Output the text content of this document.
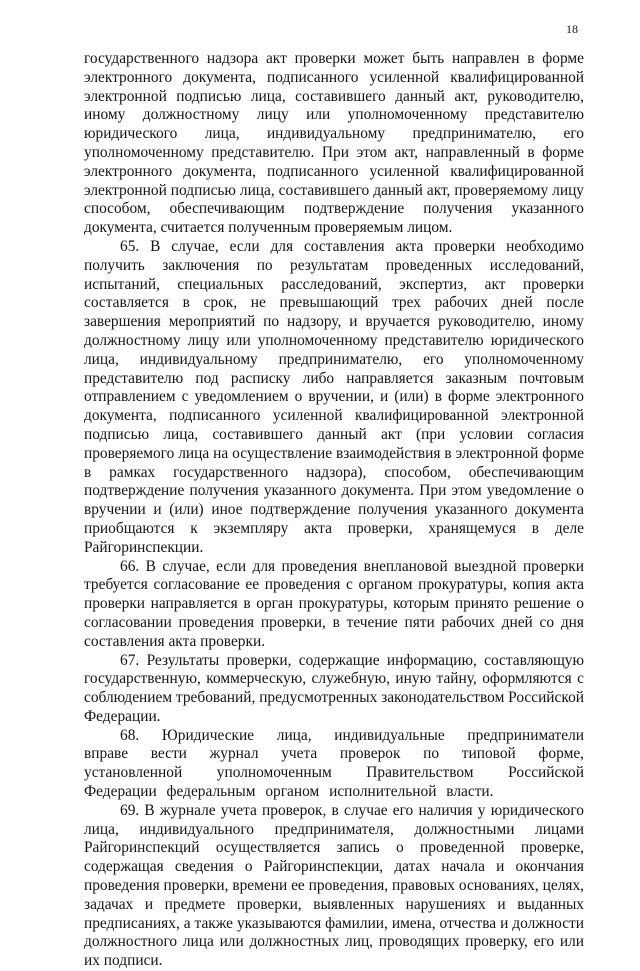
18

государственного надзора акт проверки может быть направлен в форме электронного документа, подписанного усиленной квалифицированной электронной подписью лица, составившего данный акт, руководителю, иному должностному лицу или уполномоченному представителю юридического лица, индивидуальному предпринимателю, его уполномоченному представителю. При этом акт, направленный в форме электронного документа, подписанного усиленной квалифицированной электронной подписью лица, составившего данный акт, проверяемому лицу способом, обеспечивающим подтверждение получения указанного документа, считается полученным проверяемым лицом.

65. В случае, если для составления акта проверки необходимо получить заключения по результатам проведенных исследований, испытаний, специальных расследований, экспертиз, акт проверки составляется в срок, не превышающий трех рабочих дней после завершения мероприятий по надзору, и вручается руководителю, иному должностному лицу или уполномоченному представителю юридического лица, индивидуальному предпринимателю, его уполномоченному представителю под расписку либо направляется заказным почтовым отправлением с уведомлением о вручении, и (или) в форме электронного документа, подписанного усиленной квалифицированной электронной подписью лица, составившего данный акт (при условии согласия проверяемого лица на осуществление взаимодействия в электронной форме в рамках государственного надзора), способом, обеспечивающим подтверждение получения указанного документа. При этом уведомление о вручении и (или) иное подтверждение получения указанного документа приобщаются к экземпляру акта проверки, хранящемуся в деле Райгоринспекции.

66. В случае, если для проведения внеплановой выездной проверки требуется согласование ее проведения с органом прокуратуры, копия акта проверки направляется в орган прокуратуры, которым принято решение о согласовании проведения проверки, в течение пяти рабочих дней со дня составления акта проверки.

67. Результаты проверки, содержащие информацию, составляющую государственную, коммерческую, служебную, иную тайну, оформляются с соблюдением требований, предусмотренных законодательством Российской Федерации.

68. Юридические лица, индивидуальные предприниматели вправе вести журнал учета проверок по типовой форме, установленной уполномоченным Правительством Российской Федерации федеральным органом исполнительной власти.

69. В журнале учета проверок, в случае его наличия у юридического лица, индивидуального предпринимателя, должностными лицами Райгоринспекций осуществляется запись о проведенной проверке, содержащая сведения о Райгоринспекции, датах начала и окончания проведения проверки, времени ее проведения, правовых основаниях, целях, задачах и предмете проверки, выявленных нарушениях и выданных предписаниях, а также указываются фамилии, имена, отчества и должности должностного лица или должностных лиц, проводящих проверку, его или их подписи.
